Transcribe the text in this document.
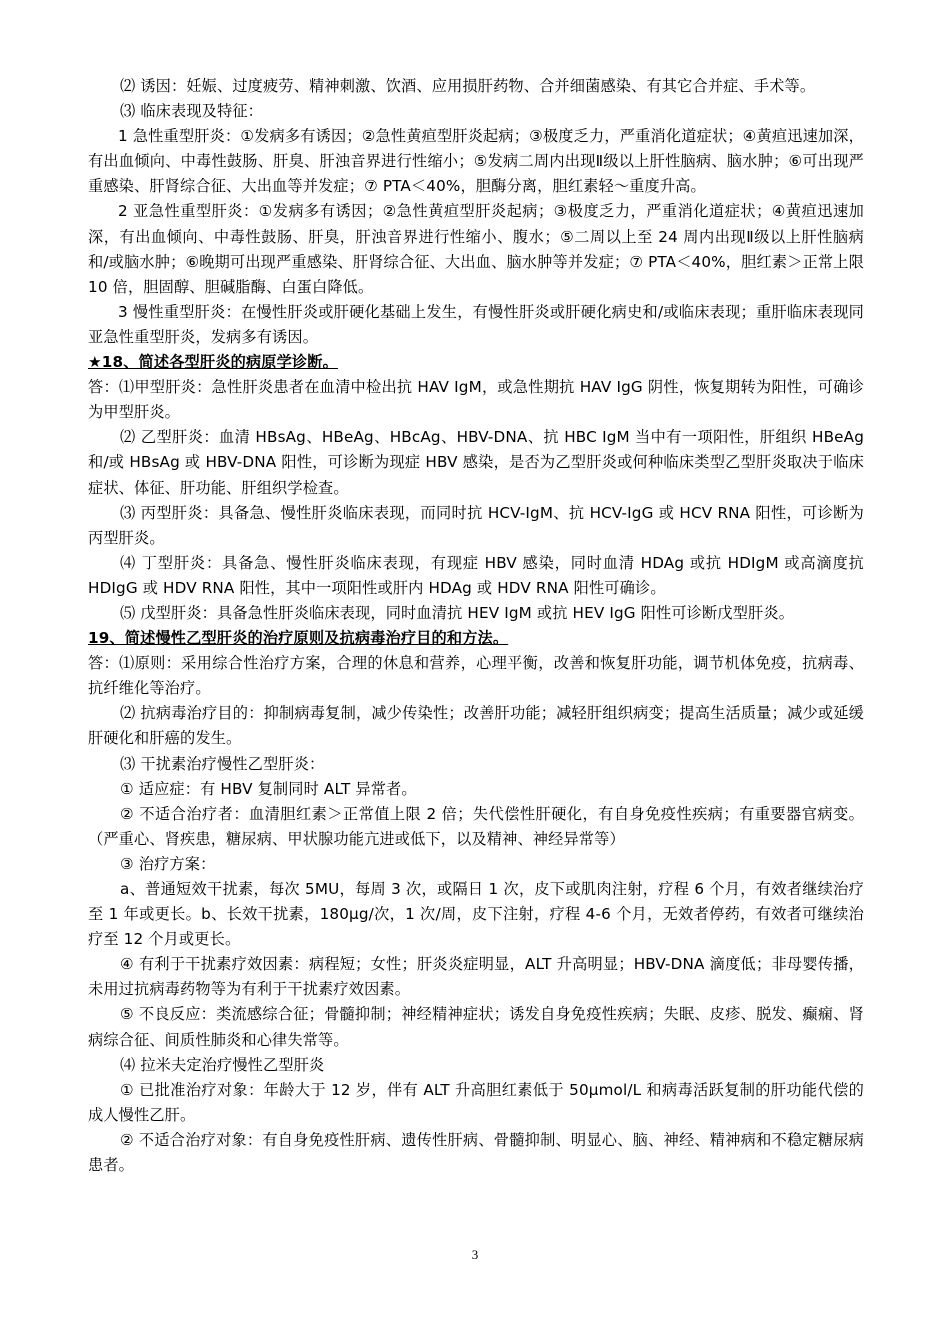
⑵ 诱因：妊娠、过度疲劳、精神刺激、饮酒、应用损肝药物、合并细菌感染、有其它合并症、手术等。

⑶ 临床表现及特征：

1 急性重型肝炎：①发病多有诱因；②急性黄疸型肝炎起病；③极度乏力，严重消化道症状；④黄疸迅速加深，有出血倾向、中毒性鼓肠、肝臭、肝浊音界进行性缩小；⑤发病二周内出现Ⅱ级以上肝性脑病、脑水肿；⑥可出现严重感染、肝肾综合征、大出血等并发症；⑦ PTA＜40%，胆酶分离，胆红素轻～重度升高。

2 亚急性重型肝炎：①发病多有诱因；②急性黄疸型肝炎起病；③极度乏力，严重消化道症状；④黄疸迅速加深，有出血倾向、中毒性鼓肠、肝臭，肝浊音界进行性缩小、腹水；⑤二周以上至 24 周内出现Ⅱ级以上肝性脑病和/或脑水肿；⑥晚期可出现严重感染、肝肾综合征、大出血、脑水肿等并发症；⑦ PTA＜40%，胆红素＞正常上限 10 倍，胆固醇、胆碱脂酶、白蛋白降低。

3 慢性重型肝炎：在慢性肝炎或肝硬化基础上发生，有慢性肝炎或肝硬化病史和/或临床表现；重肝临床表现同亚急性重型肝炎，发病多有诱因。

★18、简述各型肝炎的病原学诊断。

答：⑴甲型肝炎：急性肝炎患者在血清中检出抗 HAV IgM，或急性期抗 HAV IgG 阴性，恢复期转为阳性，可确诊为甲型肝炎。

⑵ 乙型肝炎：血清 HBsAg、HBeAg、HBcAg、HBV-DNA、抗 HBC IgM 当中有一项阳性，肝组织 HBeAg 和/或 HBsAg 或 HBV-DNA 阳性，可诊断为现症 HBV 感染，是否为乙型肝炎或何种临床类型乙型肝炎取决于临床症状、体征、肝功能、肝组织学检查。

⑶ 丙型肝炎：具备急、慢性肝炎临床表现，而同时抗 HCV-IgM、抗 HCV-IgG 或 HCV RNA 阳性，可诊断为丙型肝炎。

⑷ 丁型肝炎：具备急、慢性肝炎临床表现，有现症 HBV 感染，同时血清 HDAg 或抗 HDIgM 或高滴度抗 HDIgG 或 HDV RNA 阳性，其中一项阳性或肝内 HDAg 或 HDV RNA 阳性可确诊。

⑸ 戊型肝炎：具备急性肝炎临床表现，同时血清抗 HEV IgM 或抗 HEV IgG 阳性可诊断戊型肝炎。

19、简述慢性乙型肝炎的治疗原则及抗病毒治疗目的和方法。

答：⑴原则：采用综合性治疗方案，合理的休息和营养，心理平衡，改善和恢复肝功能，调节机体免疫，抗病毒、抗纤维化等治疗。

⑵ 抗病毒治疗目的：抑制病毒复制，减少传染性；改善肝功能；减轻肝组织病变；提高生活质量；减少或延缓肝硬化和肝癌的发生。

⑶ 干扰素治疗慢性乙型肝炎：

① 适应症：有 HBV 复制同时 ALT 异常者。

② 不适合治疗者：血清胆红素＞正常值上限 2 倍；失代偿性肝硬化，有自身免疫性疾病；有重要器官病变。（严重心、肾疾患，糖尿病、甲状腺功能亢进或低下，以及精神、神经异常等）

③ 治疗方案：

a、普通短效干扰素，每次 5MU，每周 3 次，或隔日 1 次，皮下或肌肉注射，疗程 6 个月，有效者继续治疗至 1 年或更长。b、长效干扰素，180μg/次，1 次/周，皮下注射，疗程 4-6 个月，无效者停药，有效者可继续治疗至 12 个月或更长。

④ 有利于干扰素疗效因素：病程短；女性；肝炎炎症明显，ALT 升高明显；HBV-DNA 滴度低；非母婴传播，未用过抗病毒药物等为有利于干扰素疗效因素。

⑤ 不良反应：类流感综合征；骨髓抑制；神经精神症状；诱发自身免疫性疾病；失眠、皮疹、脱发、癫痫、肾病综合征、间质性肺炎和心律失常等。

⑷ 拉米夫定治疗慢性乙型肝炎

① 已批准治疗对象：年龄大于 12 岁，伴有 ALT 升高胆红素低于 50μmol/L 和病毒活跃复制的肝功能代偿的成人慢性乙肝。

② 不适合治疗对象：有自身免疫性肝病、遗传性肝病、骨髓抑制、明显心、脑、神经、精神病和不稳定糖尿病患者。

3
